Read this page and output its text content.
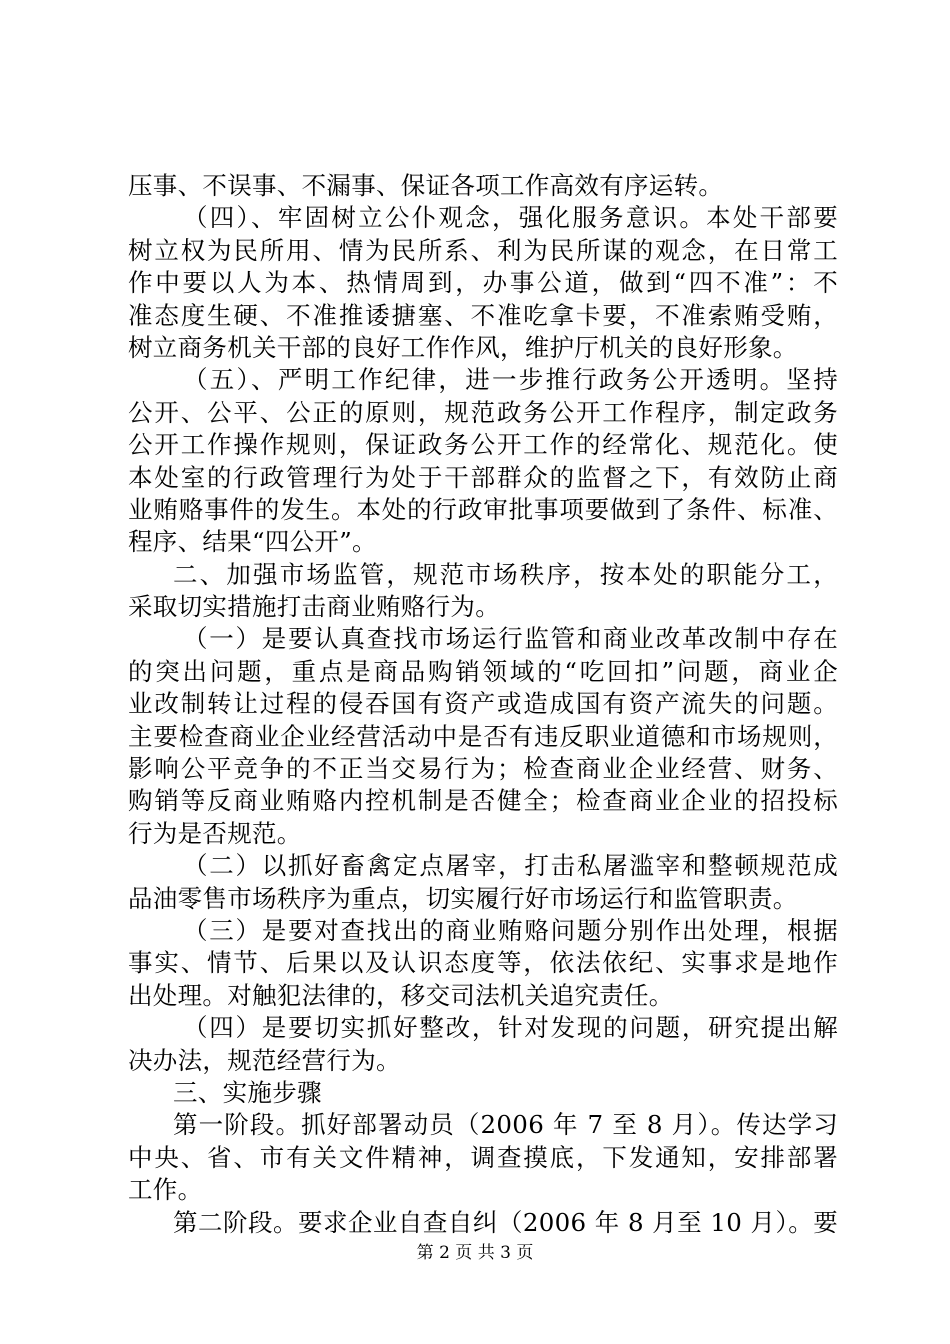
压事、不误事、不漏事、保证各项工作高效有序运转。
（四）、牢固树立公仆观念，强化服务意识。本处干部要
树立权为民所用、情为民所系、利为民所谋的观念，在日常工
作中要以人为本、热情周到，办事公道，做到“四不准”：不
准态度生硬、不准推诿搪塞、不准吃拿卡要，不准索贿受贿，
树立商务机关干部的良好工作作风，维护厅机关的良好形象。
（五）、严明工作纪律，进一步推行政务公开透明。坚持
公开、公平、公正的原则，规范政务公开工作程序，制定政务
公开工作操作规则，保证政务公开工作的经常化、规范化。使
本处室的行政管理行为处于干部群众的监督之下，有效防止商
业贿赂事件的发生。本处的行政审批事项要做到了条件、标准、
程序、结果“四公开”。
二、加强市场监管，规范市场秩序，按本处的职能分工，
采取切实措施打击商业贿赂行为。
（一）是要认真查找市场运行监管和商业改革改制中存在
的突出问题，重点是商品购销领域的“吃回扣”问题，商业企
业改制转让过程的侵吞国有资产或造成国有资产流失的问题。
主要检查商业企业经营活动中是否有违反职业道德和市场规则，
影响公平竞争的不正当交易行为；检查商业企业经营、财务、
购销等反商业贿赂内控机制是否健全；检查商业企业的招投标
行为是否规范。
（二）以抓好畜禽定点屠宰，打击私屠滥宰和整顿规范成
品油零售市场秩序为重点，切实履行好市场运行和监管职责。
（三）是要对查找出的商业贿赂问题分别作出处理，根据
事实、情节、后果以及认识态度等，依法依纪、实事求是地作
出处理。对触犯法律的，移交司法机关追究责任。
（四）是要切实抓好整改，针对发现的问题，研究提出解
决办法，规范经营行为。
三、实施步骤
第一阶段。抓好部署动员（2006 年 7 至 8 月）。传达学习
中央、省、市有关文件精神，调查摸底，下发通知，安排部署
工作。
第二阶段。要求企业自查自纠（2006 年 8 月至 10 月）。要
第 2 页 共 3 页
